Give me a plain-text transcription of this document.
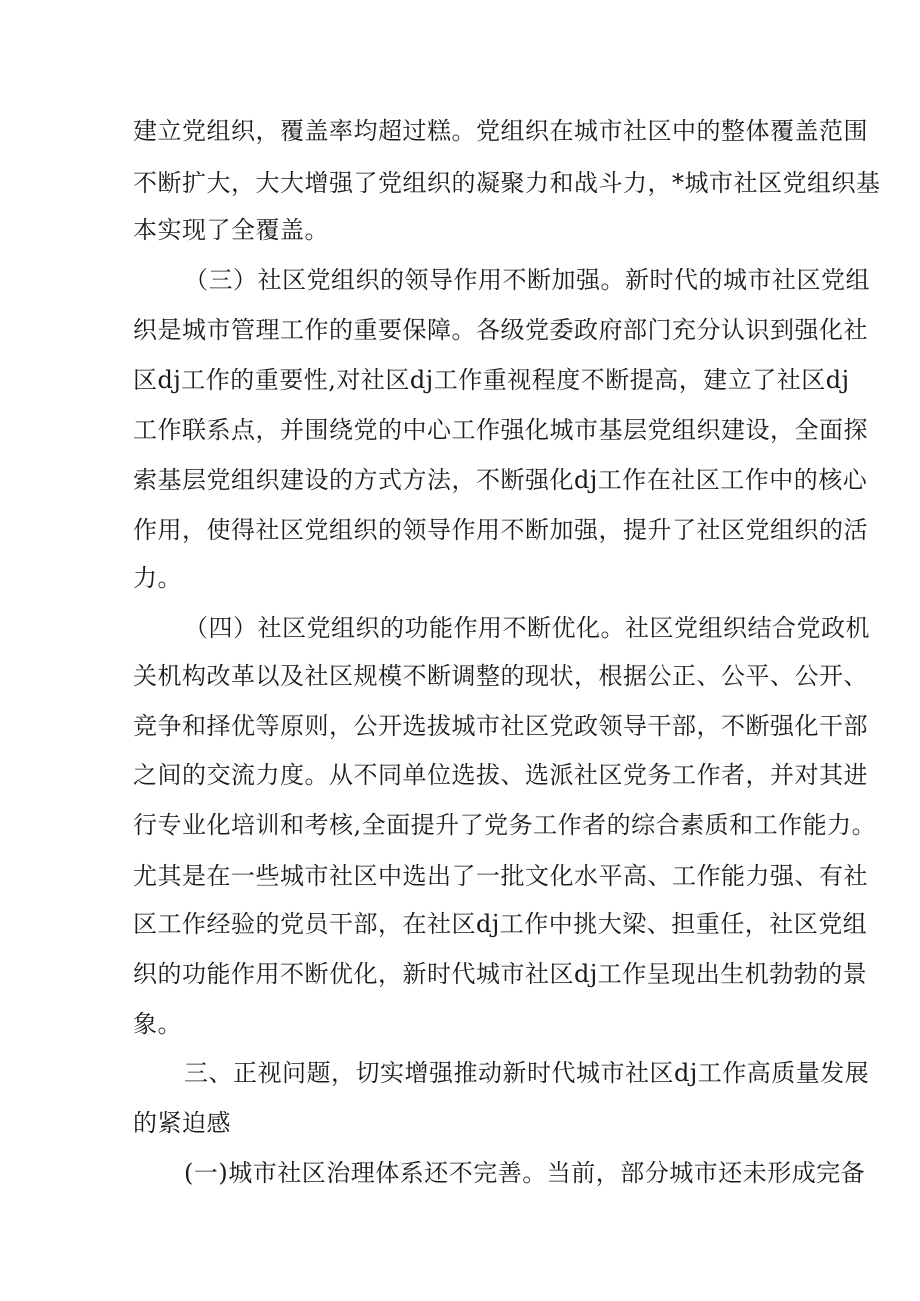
建立党组织，覆盖率均超过糕。党组织在城市社区中的整体覆盖范围
不断扩大，大大增强了党组织的凝聚力和战斗力，*城市社区党组织基
本实现了全覆盖。
（三）社区党组织的领导作用不断加强。新时代的城市社区党组
织是城市管理工作的重要保障。各级党委政府部门充分认识到强化社
区dj工作的重要性,对社区dj工作重视程度不断提高，建立了社区dj
工作联系点，并围绕党的中心工作强化城市基层党组织建设，全面探
索基层党组织建设的方式方法，不断强化dj工作在社区工作中的核心
作用，使得社区党组织的领导作用不断加强，提升了社区党组织的活
力。
（四）社区党组织的功能作用不断优化。社区党组织结合党政机
关机构改革以及社区规模不断调整的现状，根据公正、公平、公开、
竞争和择优等原则，公开选拔城市社区党政领导干部，不断强化干部
之间的交流力度。从不同单位选拔、选派社区党务工作者，并对其进
行专业化培训和考核,全面提升了党务工作者的综合素质和工作能力。
尤其是在一些城市社区中选出了一批文化水平高、工作能力强、有社
区工作经验的党员干部，在社区dj工作中挑大梁、担重任，社区党组
织的功能作用不断优化，新时代城市社区dj工作呈现出生机勃勃的景
象。
三、正视问题，切实增强推动新时代城市社区dj工作高质量发展
的紧迫感
(一)城市社区治理体系还不完善。当前，部分城市还未形成完备
